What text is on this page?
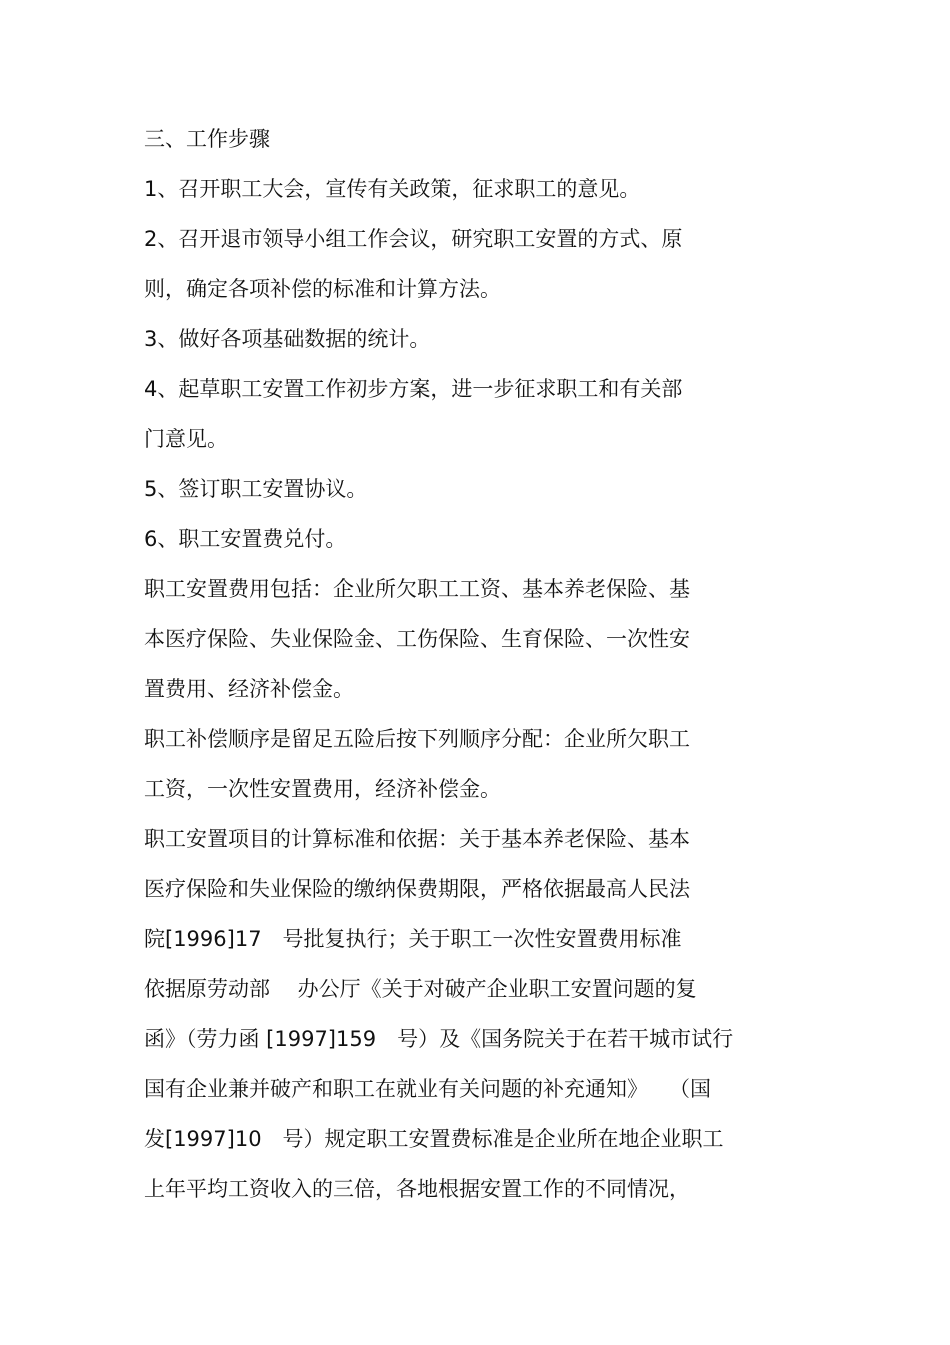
三、工作步骤
1、召开职工大会，宣传有关政策，征求职工的意见。
2、召开退市领导小组工作会议，研究职工安置的方式、原
则，确定各项补偿的标准和计算方法。
3、做好各项基础数据的统计。
4、起草职工安置工作初步方案，进一步征求职工和有关部
门意见。
5、签订职工安置协议。
6、职工安置费兑付。
职工安置费用包括：企业所欠职工工资、基本养老保险、基
本医疗保险、失业保险金、工伤保险、生育保险、一次性安
置费用、经济补偿金。
职工补偿顺序是留足五险后按下列顺序分配：企业所欠职工
工资，一次性安置费用，经济补偿金。
职工安置项目的计算标准和依据：关于基本养老保险、基本
医疗保险和失业保险的缴纳保费期限，严格依据最高人民法
院[1996]17　号批复执行；关于职工一次性安置费用标准
依据原劳动部　 办公厅《关于对破产企业职工安置问题的复
函》（劳力函 [1997]159　号）及《国务院关于在若干城市试行
国有企业兼并破产和职工在就业有关问题的补充通知》　　（国
发[1997]10　号）规定职工安置费标准是企业所在地企业职工
上年平均工资收入的三倍，各地根据安置工作的不同情况，
